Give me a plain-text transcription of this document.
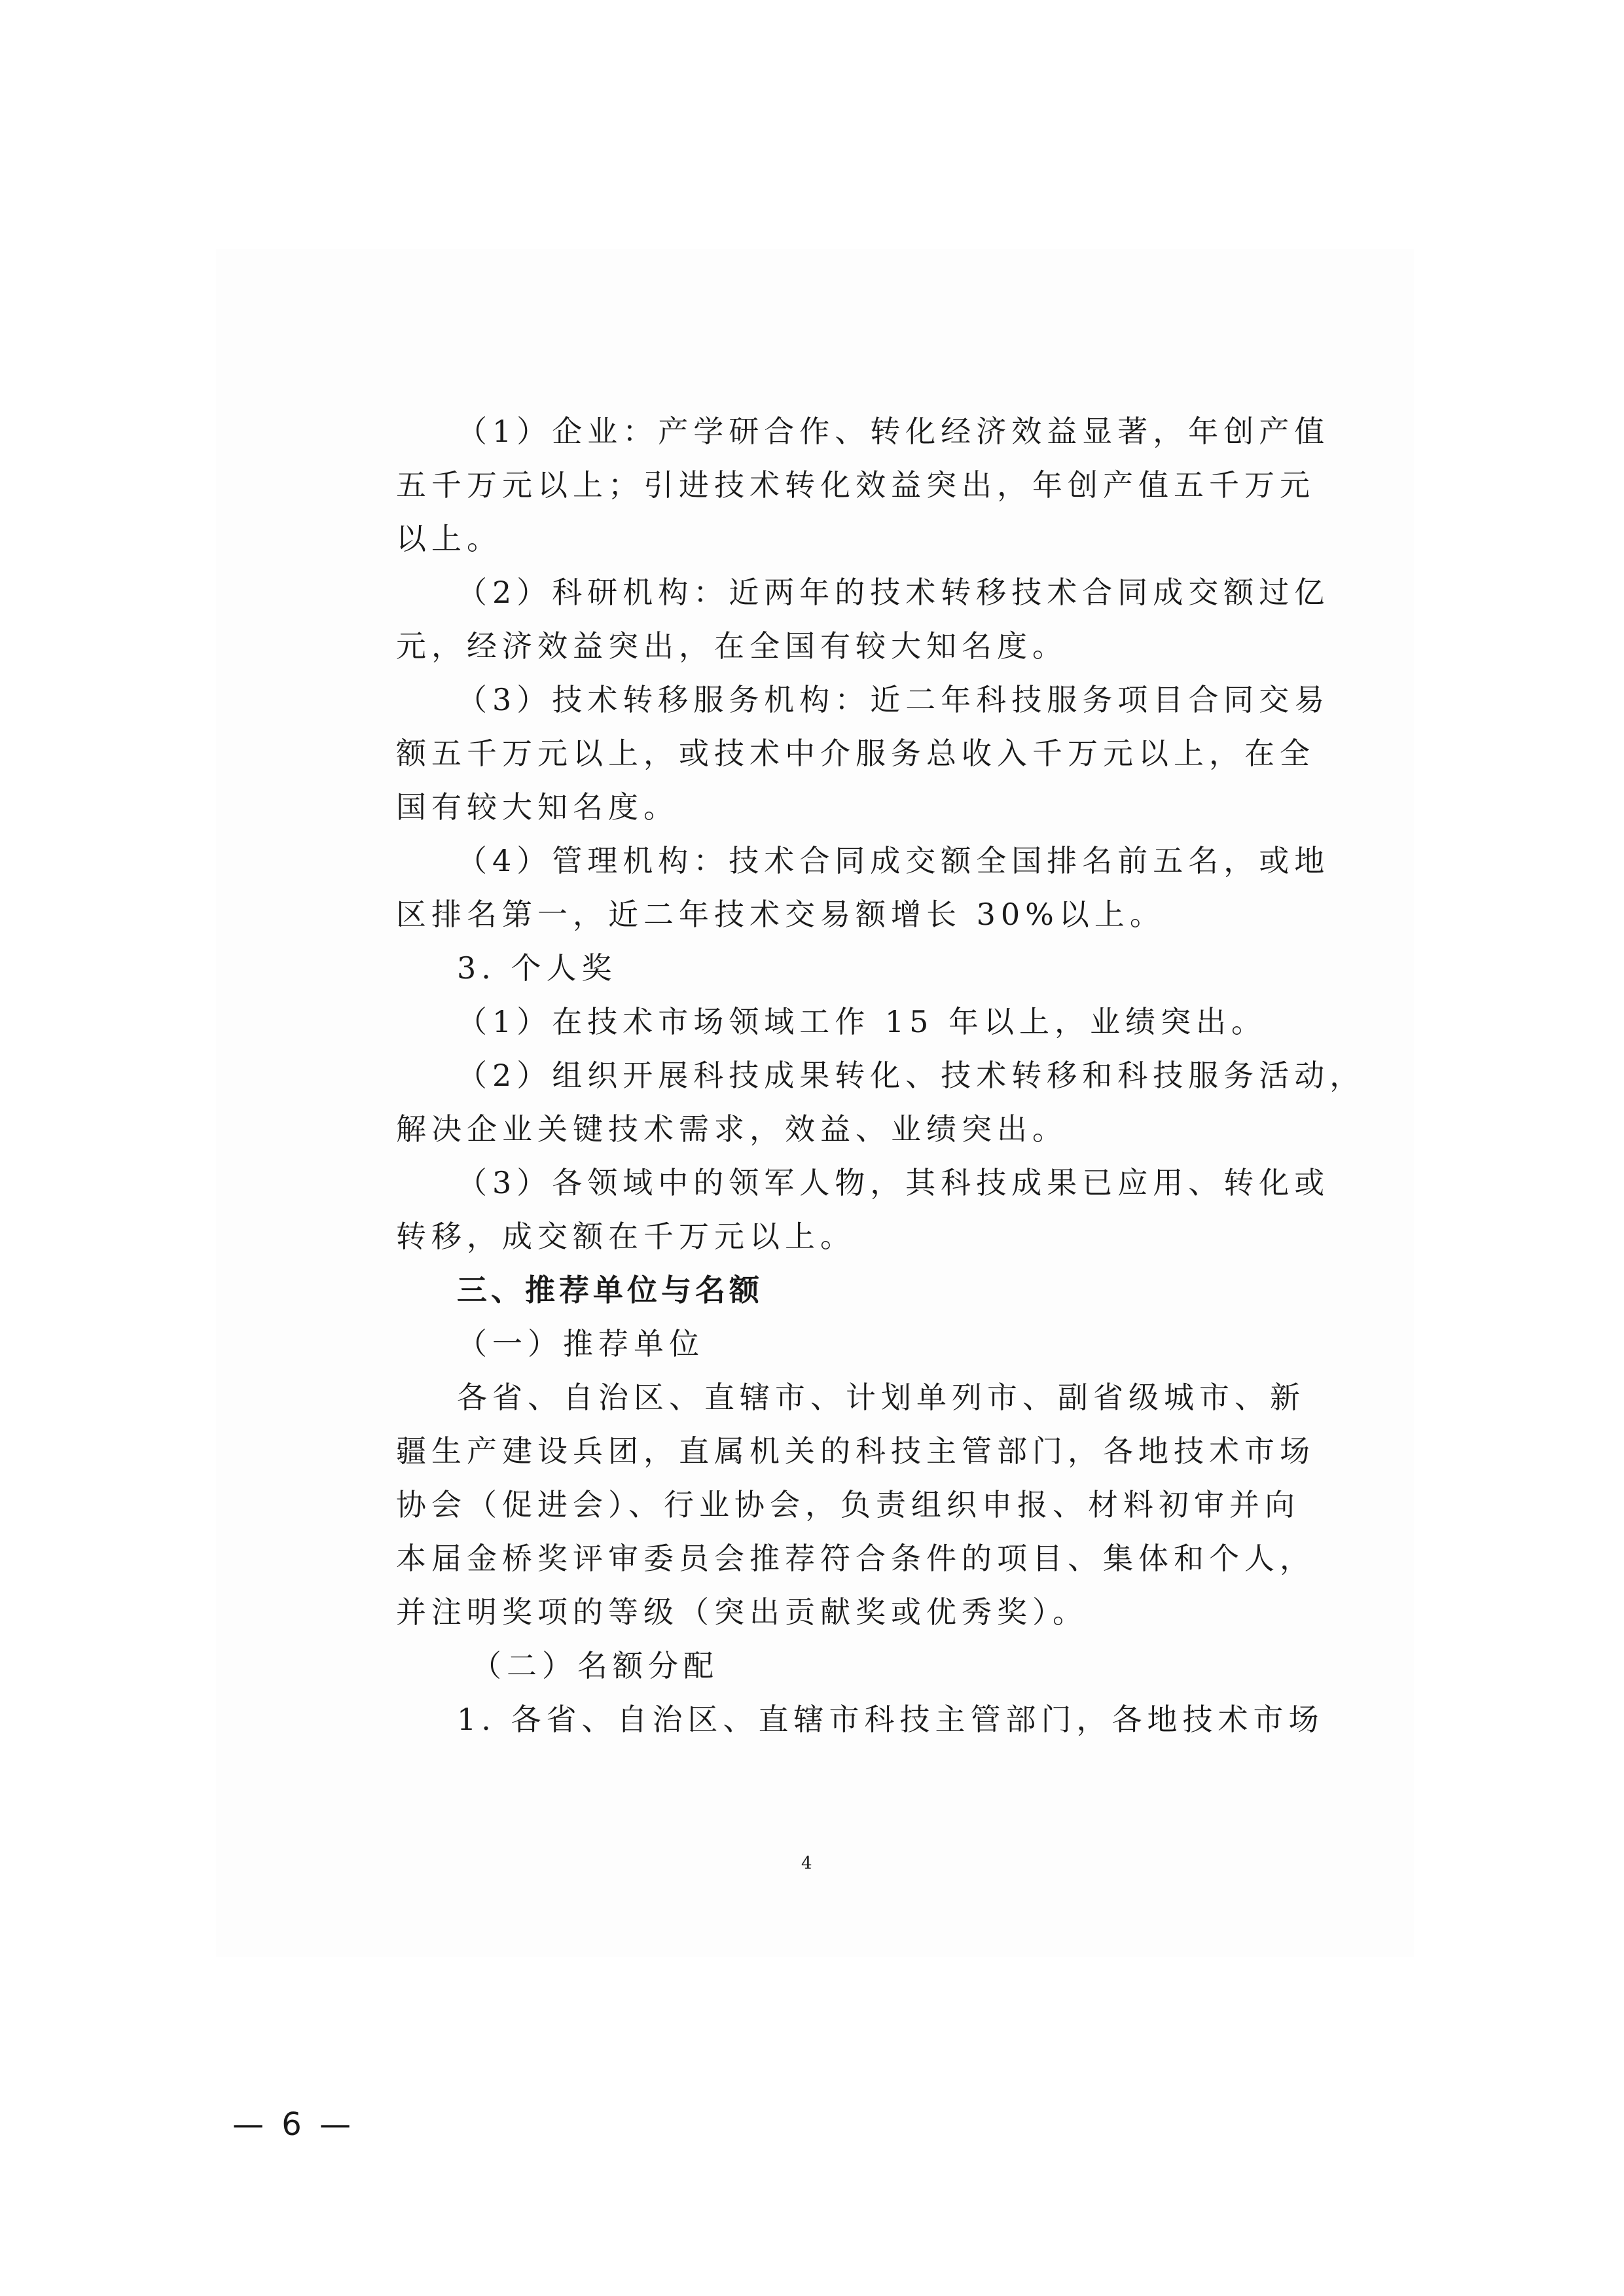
（1）企业：产学研合作、转化经济效益显著，年创产值
五千万元以上；引进技术转化效益突出，年创产值五千万元
以上。
（2）科研机构：近两年的技术转移技术合同成交额过亿
元，经济效益突出，在全国有较大知名度。
（3）技术转移服务机构：近二年科技服务项目合同交易
额五千万元以上，或技术中介服务总收入千万元以上，在全
国有较大知名度。
（4）管理机构：技术合同成交额全国排名前五名，或地
区排名第一，近二年技术交易额增长 30%以上。
3. 个人奖
（1）在技术市场领域工作 15 年以上，业绩突出。
（2）组织开展科技成果转化、技术转移和科技服务活动，
解决企业关键技术需求，效益、业绩突出。
（3）各领域中的领军人物，其科技成果已应用、转化或
转移，成交额在千万元以上。
三、推荐单位与名额
（一）推荐单位
各省、自治区、直辖市、计划单列市、副省级城市、新
疆生产建设兵团，直属机关的科技主管部门，各地技术市场
协会（促进会）、行业协会，负责组织申报、材料初审并向
本届金桥奖评审委员会推荐符合条件的项目、集体和个人，
并注明奖项的等级（突出贡献奖或优秀奖）。
（二）名额分配
1. 各省、自治区、直辖市科技主管部门，各地技术市场
4
— 6 —
